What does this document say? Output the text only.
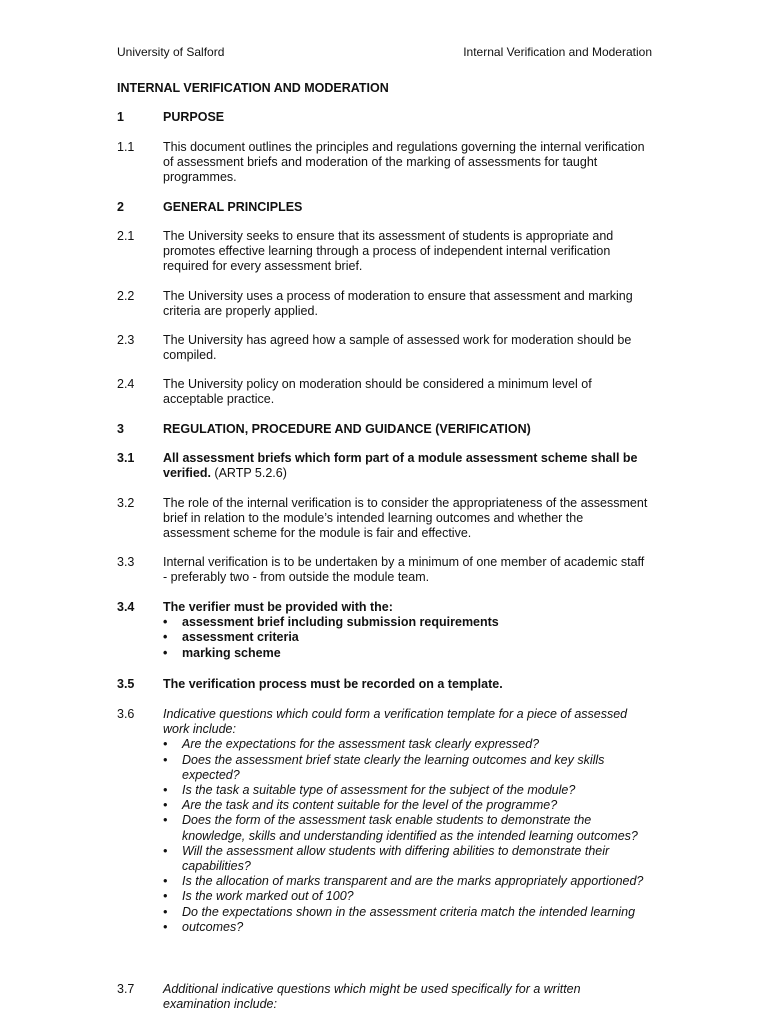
University of Salford	Internal Verification and Moderation
INTERNAL VERIFICATION AND MODERATION
1	PURPOSE
1.1	This document outlines the principles and regulations governing the internal verification of assessment briefs and moderation of the marking of assessments for taught programmes.
2	GENERAL PRINCIPLES
2.1	The University seeks to ensure that its assessment of students is appropriate and promotes effective learning through a process of independent internal verification required for every assessment brief.
2.2	The University uses a process of moderation to ensure that assessment and marking criteria are properly applied.
2.3	The University has agreed how a sample of assessed work for moderation should be compiled.
2.4	The University policy on moderation should be considered a minimum level of acceptable practice.
3	REGULATION, PROCEDURE AND GUIDANCE (VERIFICATION)
3.1	All assessment briefs which form part of a module assessment scheme shall be verified. (ARTP 5.2.6)
3.2	The role of the internal verification is to consider the appropriateness of the assessment brief in relation to the module’s intended learning outcomes and whether the assessment scheme for the module is fair and effective.
3.3	Internal verification is to be undertaken by a minimum of one member of academic staff - preferably two - from outside the module team.
3.4	The verifier must be provided with the:
• assessment brief including submission requirements
• assessment criteria
• marking scheme
3.5	The verification process must be recorded on a template.
3.6	Indicative questions which could form a verification template for a piece of assessed work include:
• Are the expectations for the assessment task clearly expressed?
• Does the assessment brief state clearly the learning outcomes and key skills expected?
• Is the task a suitable type of assessment for the subject of the module?
• Are the task and its content suitable for the level of the programme?
• Does the form of the assessment task enable students to demonstrate the knowledge, skills and understanding identified as the intended learning outcomes?
• Will the assessment allow students with differing abilities to demonstrate their capabilities?
• Is the allocation of marks transparent and are the marks appropriately apportioned?
• Is the work marked out of 100?
• Do the expectations shown in the assessment criteria match the intended learning
• outcomes?
3.7	Additional indicative questions which might be used specifically for a written examination include:
